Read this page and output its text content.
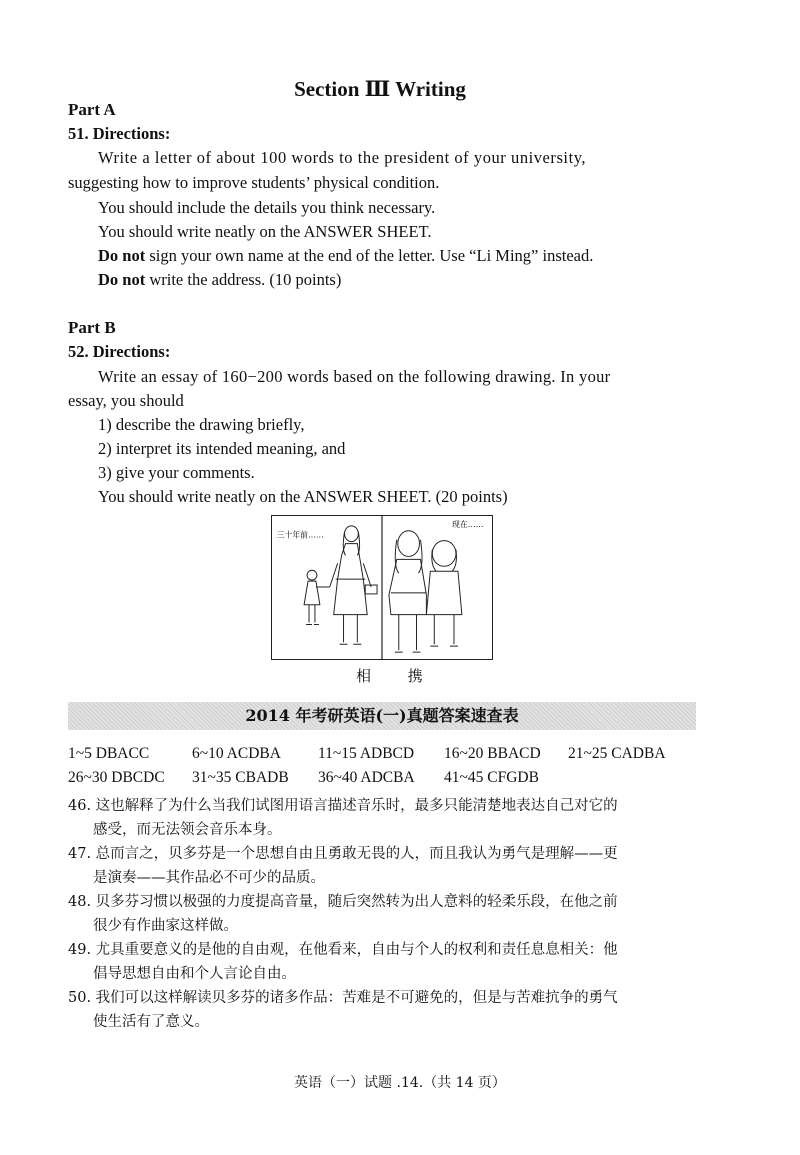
Section Ⅲ Writing
Part A
51. Directions:
Write a letter of about 100 words to the president of your university,
suggesting how to improve students’ physical condition.
You should include the details you think necessary.
You should write neatly on the ANSWER SHEET.
Do not sign your own name at the end of the letter. Use “Li Ming” instead.
Do not write the address. (10 points)
Part B
52. Directions:
Write an essay of 160−200 words based on the following drawing. In your
essay, you should
1) describe the drawing briefly,
2) interpret its intended meaning, and
3) give your comments.
You should write neatly on the ANSWER SHEET. (20 points)
三十年前……
现在……
相 携
2014 年考研英语(一)真题答案速查表
1~5 DBACC	6~10 ACDBA 11~15 ADBCD 16~20 BBACD 21~25 CADBA
26~30 DBCDC 31~35 CBADB 36~40 ADCBA 41~45 CFGDB
46. 这也解释了为什么当我们试图用语言描述音乐时，最多只能清楚地表达自己对它的
感受，而无法领会音乐本身。
47. 总而言之，贝多芬是一个思想自由且勇敢无畏的人，而且我认为勇气是理解——更
是演奏——其作品必不可少的品质。
48. 贝多芬习惯以极强的力度提高音量，随后突然转为出人意料的轻柔乐段，在他之前
很少有作曲家这样做。
49. 尤具重要意义的是他的自由观，在他看来，自由与个人的权利和责任息息相关：他
倡导思想自由和个人言论自由。
50. 我们可以这样解读贝多芬的诸多作品：苦难是不可避免的，但是与苦难抗争的勇气
使生活有了意义。
英语（一）试题 .14.（共 14 页）
